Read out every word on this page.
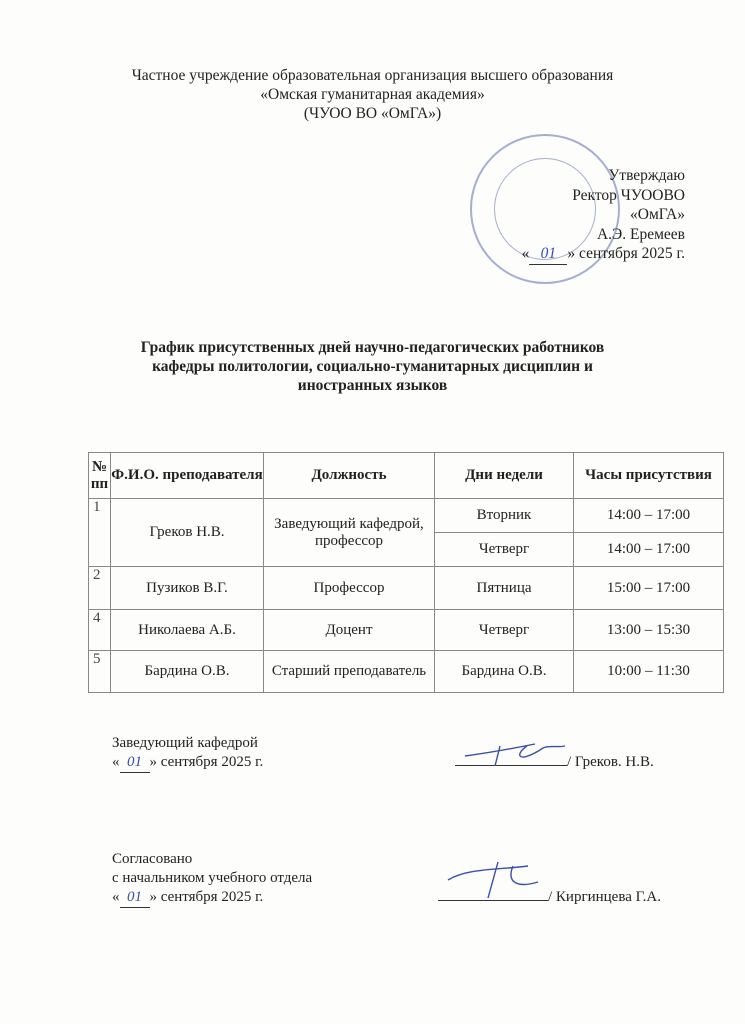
Частное учреждение образовательная организация высшего образования
«Омская гуманитарная академия»
(ЧУОО ВО «ОмГА»)
Утверждаю
Ректор ЧУООВО «ОмГА»
А.Э. Еремеев
« 01 » сентября 2025 г.
График присутственных дней научно-педагогических работников
кафедры политологии, социально-гуманитарных дисциплин и
иностранных языков
№ пп	Ф.И.О. преподавателя	Должность	Дни недели	Часы присутствия
1	Греков Н.В.	Заведующий кафедрой, профессор	Вторник	14:00 – 17:00
			Четверг	14:00 – 17:00
2	Пузиков В.Г.	Профессор	Пятница	15:00 – 17:00
4	Николаева А.Б.	Доцент	Четверг	13:00 – 15:30
5	Бардина О.В.	Старший преподаватель	Бардина О.В.	10:00 – 11:30
Заведующий кафедрой
« 01 » сентября 2025 г.	/ Греков. Н.В.
Согласовано
с начальником учебного отдела
« 01 » сентября 2025 г.	/ Киргинцева Г.А.
